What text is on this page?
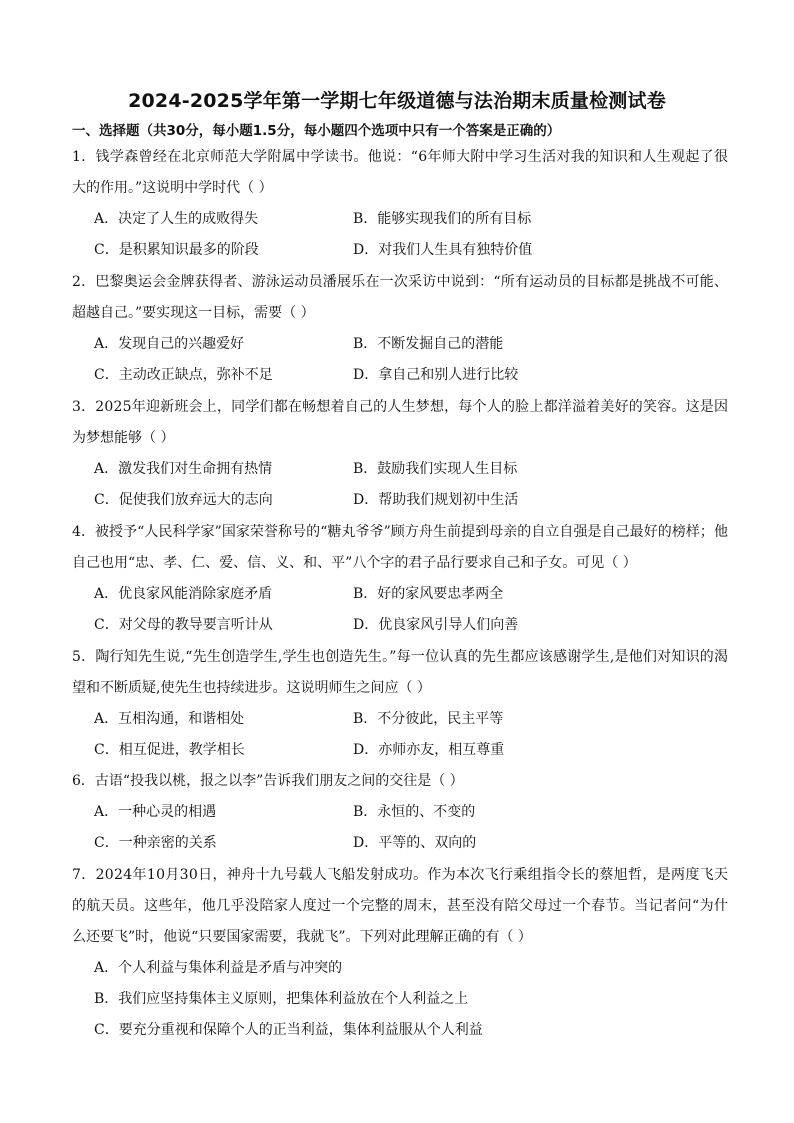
2024-2025学年第一学期七年级道德与法治期末质量检测试卷
一、选择题（共30分，每小题1.5分，每小题四个选项中只有一个答案是正确的）
1．钱学森曾经在北京师范大学附属中学读书。他说：“6年师大附中学习生活对我的知识和人生观起了很
大的作用。”这说明中学时代（ ）
A．决定了人生的成败得失	B．能够实现我们的所有目标
C．是积累知识最多的阶段	D．对我们人生具有独特价值
2．巴黎奥运会金牌获得者、游泳运动员潘展乐在一次采访中说到：“所有运动员的目标都是挑战不可能、
超越自己。”要实现这一目标，需要（ ）
A．发现自己的兴趣爱好	B．不断发掘自己的潜能
C．主动改正缺点，弥补不足	D．拿自己和别人进行比较
3．2025年迎新班会上，同学们都在畅想着自己的人生梦想，每个人的脸上都洋溢着美好的笑容。这是因
为梦想能够（ ）
A．激发我们对生命拥有热情	B．鼓励我们实现人生目标
C．促使我们放弃远大的志向	D．帮助我们规划初中生活
4．被授予“人民科学家”国家荣誉称号的“糖丸爷爷”顾方舟生前提到母亲的自立自强是自己最好的榜样；他
自己也用“忠、孝、仁、爱、信、义、和、平”八个字的君子品行要求自己和子女。可见（ ）
A．优良家风能消除家庭矛盾	B．好的家风要忠孝两全
C．对父母的教导要言听计从	D．优良家风引导人们向善
5．陶行知先生说,“先生创造学生,学生也创造先生。”每一位认真的先生都应该感谢学生,是他们对知识的渴
望和不断质疑,使先生也持续进步。这说明师生之间应（ ）
A．互相沟通，和谐相处	B．不分彼此，民主平等
C．相互促进，教学相长	D．亦师亦友，相互尊重
6．古语“投我以桃，报之以李”告诉我们朋友之间的交往是（ ）
A．一种心灵的相遇	B．永恒的、不变的
C．一种亲密的关系	D．平等的、双向的
7．2024年10月30日，神舟十九号载人飞船发射成功。作为本次飞行乘组指令长的蔡旭哲，是两度飞天
的航天员。这些年，他几乎没陪家人度过一个完整的周末，甚至没有陪父母过一个春节。当记者问“为什
么还要飞”时，他说“只要国家需要，我就飞”。下列对此理解正确的有（ ）
A．个人利益与集体利益是矛盾与冲突的
B．我们应坚持集体主义原则，把集体利益放在个人利益之上
C．要充分重视和保障个人的正当利益，集体利益服从个人利益
